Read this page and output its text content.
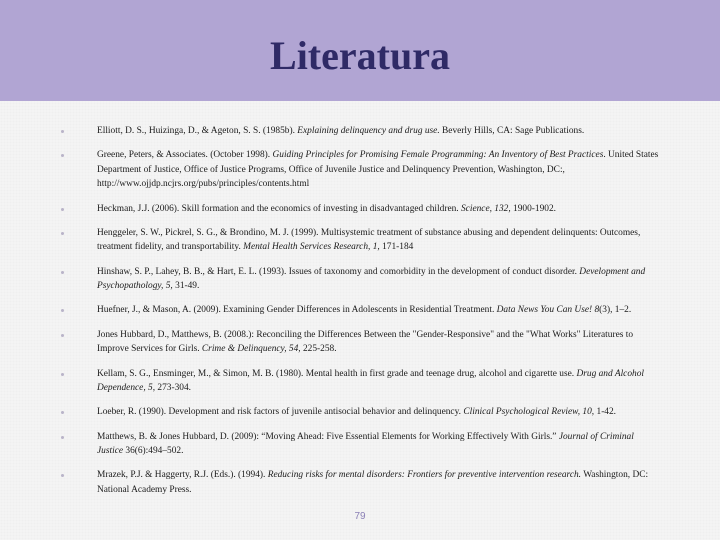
Literatura
Elliott, D. S., Huizinga, D., & Ageton, S. S. (1985b). Explaining delinquency and drug use. Beverly Hills, CA: Sage Publications.
Greene, Peters, & Associates. (October 1998). Guiding Principles for Promising Female Programming: An Inventory of Best Practices. United States Department of Justice, Office of Justice Programs, Office of Juvenile Justice and Delinquency Prevention, Washington, DC:, http://www.ojjdp.ncjrs.org/pubs/principles/contents.html
Heckman, J.J. (2006). Skill formation and the economics of investing in disadvantaged children. Science, 132, 1900-1902.
Henggeler, S. W., Pickrel, S. G., & Brondino, M. J. (1999). Multisystemic treatment of substance abusing and dependent delinquents: Outcomes, treatment fidelity, and transportability. Mental Health Services Research, 1, 171-184
Hinshaw, S. P., Lahey, B. B., & Hart, E. L. (1993). Issues of taxonomy and comorbidity in the development of conduct disorder. Development and Psychopathology, 5, 31-49.
Huefner, J., & Mason, A. (2009). Examining Gender Differences in Adolescents in Residential Treatment. Data News You Can Use! 8(3), 1–2.
Jones Hubbard, D., Matthews, B. (2008.): Reconciling the Differences Between the "Gender-Responsive" and the "What Works" Literatures to Improve Services for Girls. Crime & Delinquency, 54, 225-258.
Kellam, S. G., Ensminger, M., & Simon, M. B. (1980). Mental health in first grade and teenage drug, alcohol and cigarette use. Drug and Alcohol Dependence, 5, 273-304.
Loeber, R. (1990). Development and risk factors of juvenile antisocial behavior and delinquency. Clinical Psychological Review, 10, 1-42.
Matthews, B. & Jones Hubbard, D. (2009): “Moving Ahead: Five Essential Elements for Working Effectively With Girls.” Journal of Criminal Justice 36(6):494–502.
Mrazek, P.J. & Haggerty, R.J. (Eds.). (1994). Reducing risks for mental disorders: Frontiers for preventive intervention research. Washington, DC: National Academy Press.
79
